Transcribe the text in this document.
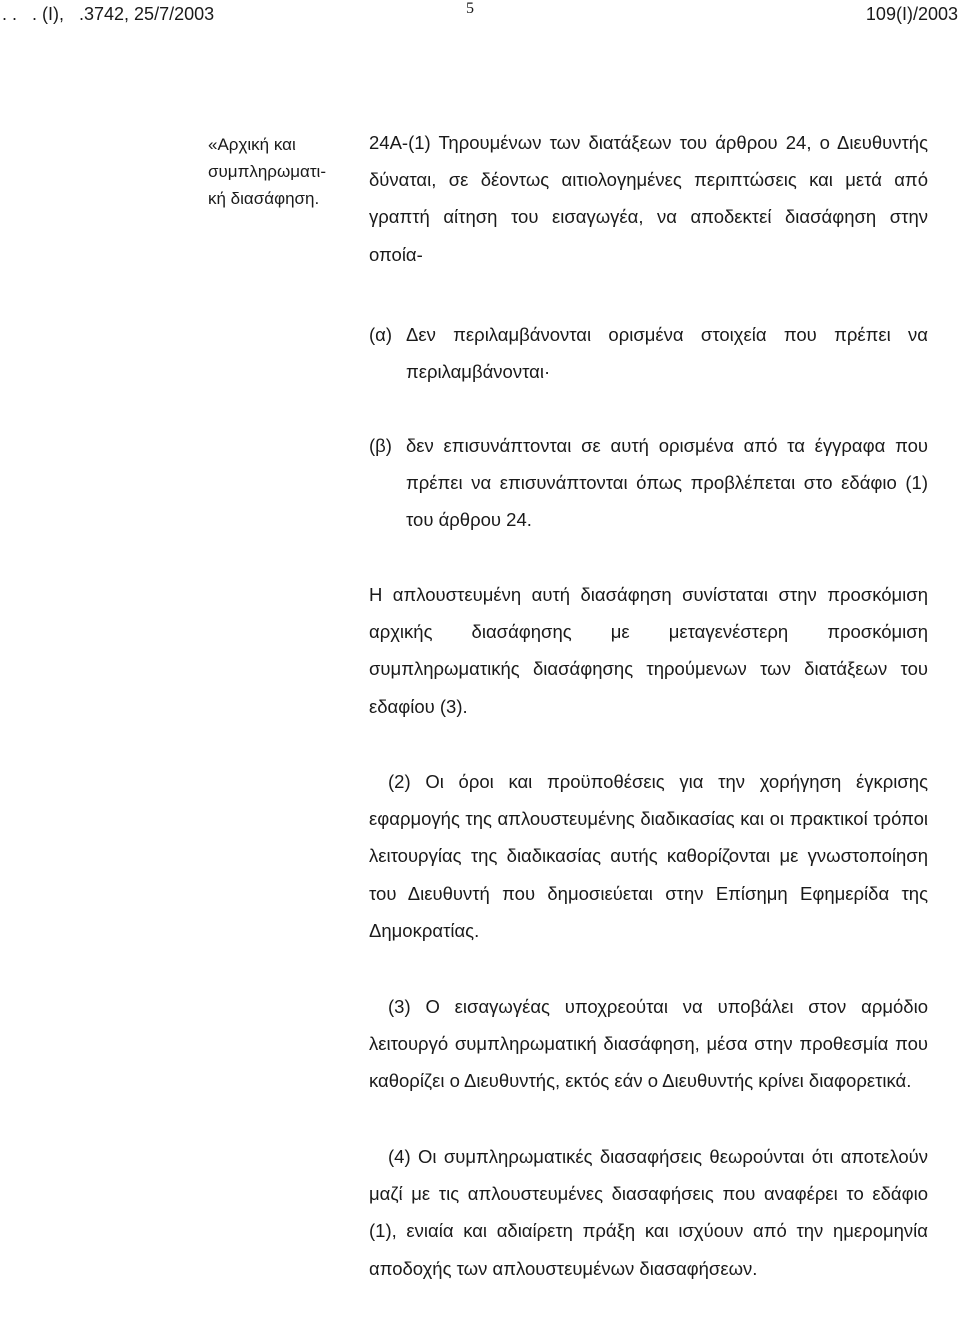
. .   . (Ι),   .3742, 25/7/2003	5	109(Ι)/2003
«Αρχική και συμπληρωματι-κή διασάφηση.
24Α-(1) Τηρουμένων των διατάξεων του άρθρου 24, ο Διευθυντής δύναται, σε δέοντως αιτιολογημένες περιπτώσεις και μετά από γραπτή αίτηση του εισαγωγέα, να αποδεκτεί διασάφηση στην οποία-
(α) Δεν περιλαμβάνονται ορισμένα στοιχεία που πρέπει να περιλαμβάνονται·
(β) δεν επισυνάπτονται σε αυτή ορισμένα από τα έγγραφα που πρέπει να επισυνάπτονται όπως προβλέπεται στο εδάφιο (1) του άρθρου 24.
Η απλουστευμένη αυτή διασάφηση συνίσταται στην προσκόμιση αρχικής διασάφησης με μεταγενέστερη προσκόμιση συμπληρωματικής διασάφησης τηρούμενων των διατάξεων του εδαφίου (3).
(2) Οι όροι και προϋποθέσεις για την χορήγηση έγκρισης εφαρμογής της απλουστευμένης διαδικασίας και οι πρακτικοί τρόποι λειτουργίας της διαδικασίας αυτής καθορίζονται με γνωστοποίηση του Διευθυντή που δημοσιεύεται στην Επίσημη Εφημερίδα της Δημοκρατίας.
(3) Ο εισαγωγέας υποχρεούται να υποβάλει στον αρμόδιο λειτουργό συμπληρωματική διασάφηση, μέσα στην προθεσμία που καθορίζει ο Διευθυντής, εκτός εάν ο Διευθυντής κρίνει διαφορετικά.
(4) Οι συμπληρωματικές διασαφήσεις θεωρούνται ότι αποτελούν μαζί με τις απλουστευμένες διασαφήσεις που αναφέρει το εδάφιο (1), ενιαία και αδιαίρετη πράξη και ισχύουν από την ημερομηνία αποδοχής των απλουστευμένων διασαφήσεων.
